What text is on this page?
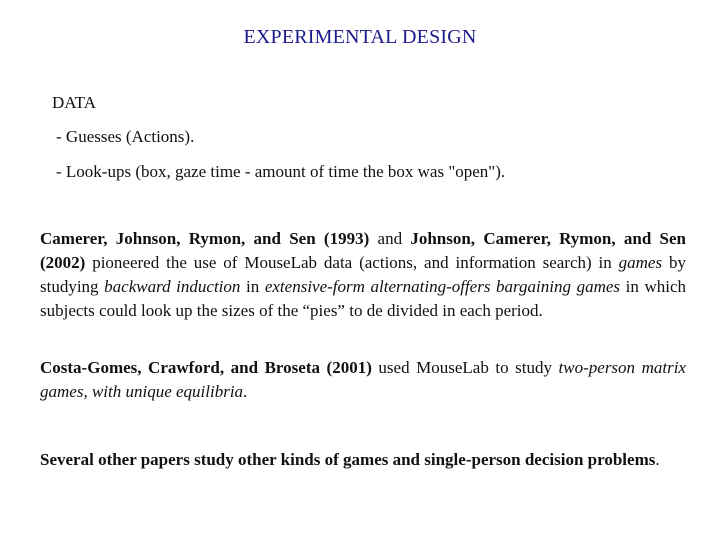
EXPERIMENTAL DESIGN
DATA
- Guesses (Actions).
- Look-ups (box, gaze time - amount of time the box was "open").
Camerer, Johnson, Rymon, and Sen (1993) and Johnson, Camerer, Rymon, and Sen (2002) pioneered the use of MouseLab data (actions, and information search) in games by studying backward induction in extensive-form alternating-offers bargaining games in which subjects could look up the sizes of the “pies” to de divided in each period.
Costa-Gomes, Crawford, and Broseta (2001) used MouseLab to study two-person matrix games, with unique equilibria.
Several other papers study other kinds of games and single-person decision problems.
